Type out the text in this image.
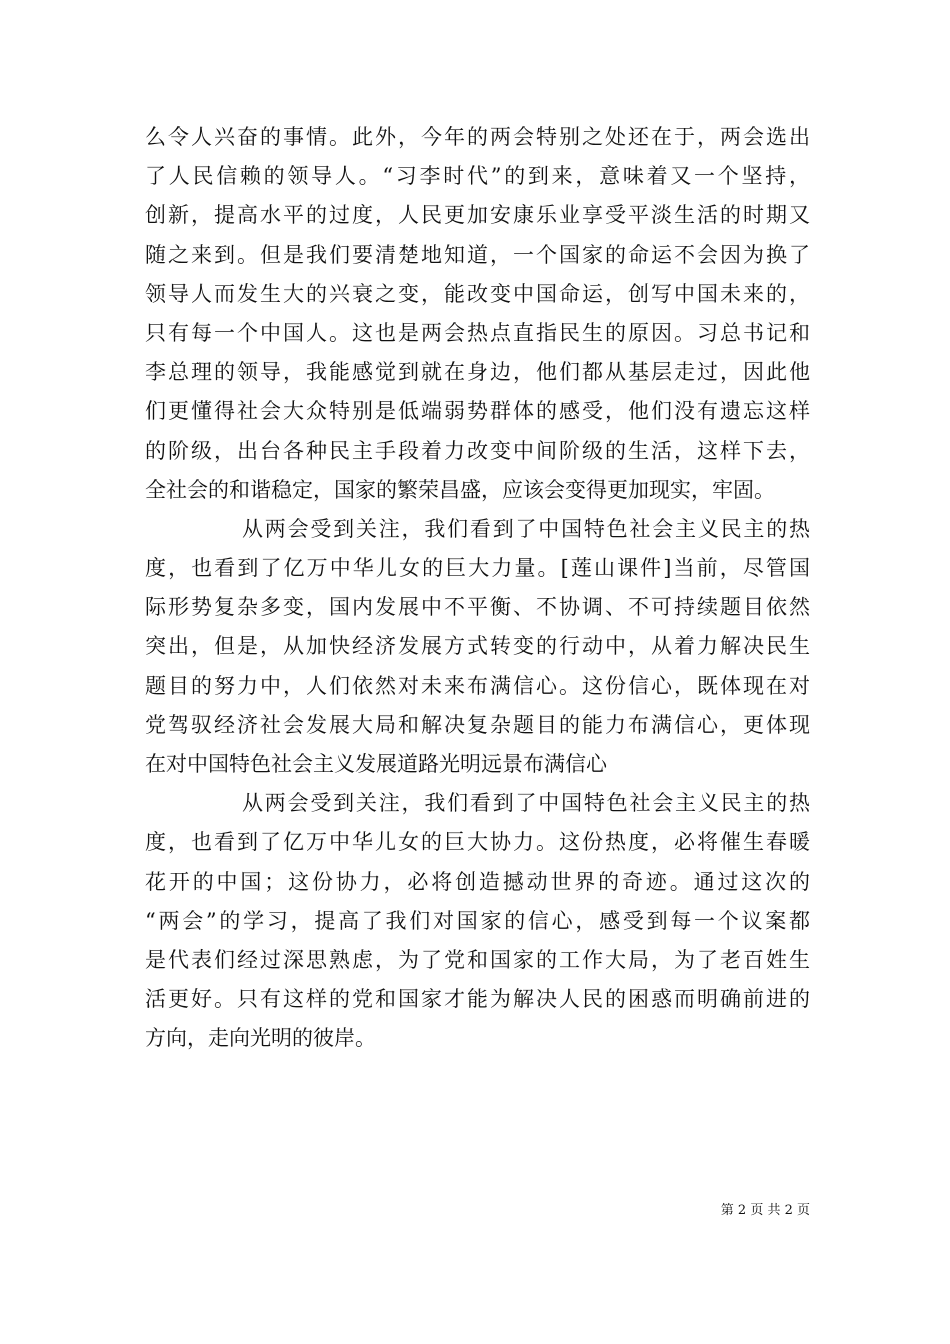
么令人兴奋的事情。此外，今年的两会特别之处还在于，两会选出
了人民信赖的领导人。“习李时代”的到来，意味着又一个坚持，
创新，提高水平的过度，人民更加安康乐业享受平淡生活的时期又
随之来到。但是我们要清楚地知道，一个国家的命运不会因为换了
领导人而发生大的兴衰之变，能改变中国命运，创写中国未来的，
只有每一个中国人。这也是两会热点直指民生的原因。习总书记和
李总理的领导，我能感觉到就在身边，他们都从基层走过，因此他
们更懂得社会大众特别是低端弱势群体的感受，他们没有遗忘这样
的阶级，出台各种民主手段着力改变中间阶级的生活，这样下去，
全社会的和谐稳定，国家的繁荣昌盛，应该会变得更加现实，牢固。
从两会受到关注，我们看到了中国特色社会主义民主的热
度，也看到了亿万中华儿女的巨大力量。[莲山课件]当前，尽管国
际形势复杂多变，国内发展中不平衡、不协调、不可持续题目依然
突出，但是，从加快经济发展方式转变的行动中，从着力解决民生
题目的努力中，人们依然对未来布满信心。这份信心，既体现在对
党驾驭经济社会发展大局和解决复杂题目的能力布满信心，更体现
在对中国特色社会主义发展道路光明远景布满信心
从两会受到关注，我们看到了中国特色社会主义民主的热
度，也看到了亿万中华儿女的巨大协力。这份热度，必将催生春暖
花开的中国；这份协力，必将创造撼动世界的奇迹。通过这次的
“两会”的学习，提高了我们对国家的信心，感受到每一个议案都
是代表们经过深思熟虑，为了党和国家的工作大局，为了老百姓生
活更好。只有这样的党和国家才能为解决人民的困惑而明确前进的
方向，走向光明的彼岸。
第 2 页 共 2 页
